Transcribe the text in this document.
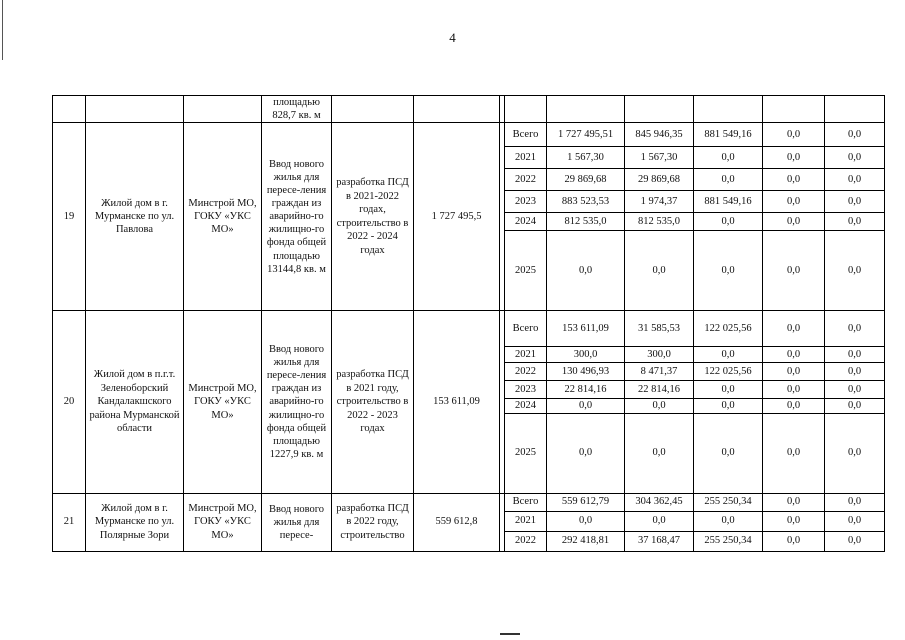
4
			площадью 828,7 кв. м									
19	Жилой дом в г. Мурманске по ул. Павлова	Минстрой МО, ГОКУ «УКС МО»	Ввод нового жилья для пересе-ления граждан из аварийно-го жилищно-го фонда общей площадью 13144,8 кв. м	разработка ПСД в 2021-2022 годах, строительство в 2022 - 2024 годах	1 727 495,5		Всего	1 727 495,51	845 946,35	881 549,16	0,0	0,0
							2021	1 567,30	1 567,30	0,0	0,0	0,0
							2022	29 869,68	29 869,68	0,0	0,0	0,0
							2023	883 523,53	1 974,37	881 549,16	0,0	0,0
							2024	812 535,0	812 535,0	0,0	0,0	0,0
							2025	0,0	0,0	0,0	0,0	0,0
20	Жилой дом в п.г.т. Зеленоборский Кандалакшского района Мурманской области	Минстрой МО, ГОКУ «УКС МО»	Ввод нового жилья для пересе-ления граждан из аварийно-го жилищно-го фонда общей площадью 1227,9 кв. м	разработка ПСД в 2021 году, строительство в 2022 - 2023 годах	153 611,09		Всего	153 611,09	31 585,53	122 025,56	0,0	0,0
							2021	300,0	300,0	0,0	0,0	0,0
							2022	130 496,93	8 471,37	122 025,56	0,0	0,0
							2023	22 814,16	22 814,16	0,0	0,0	0,0
							2024	0,0	0,0	0,0	0,0	0,0
							2025	0,0	0,0	0,0	0,0	0,0
21	Жилой дом в г. Мурманске по ул. Полярные Зори	Минстрой МО, ГОКУ «УКС МО»	Ввод нового жилья для пересе-	разработка ПСД в 2022 году, строительство	559 612,8		Всего	559 612,79	304 362,45	255 250,34	0,0	0,0
							2021	0,0	0,0	0,0	0,0	0,0
							2022	292 418,81	37 168,47	255 250,34	0,0	0,0
